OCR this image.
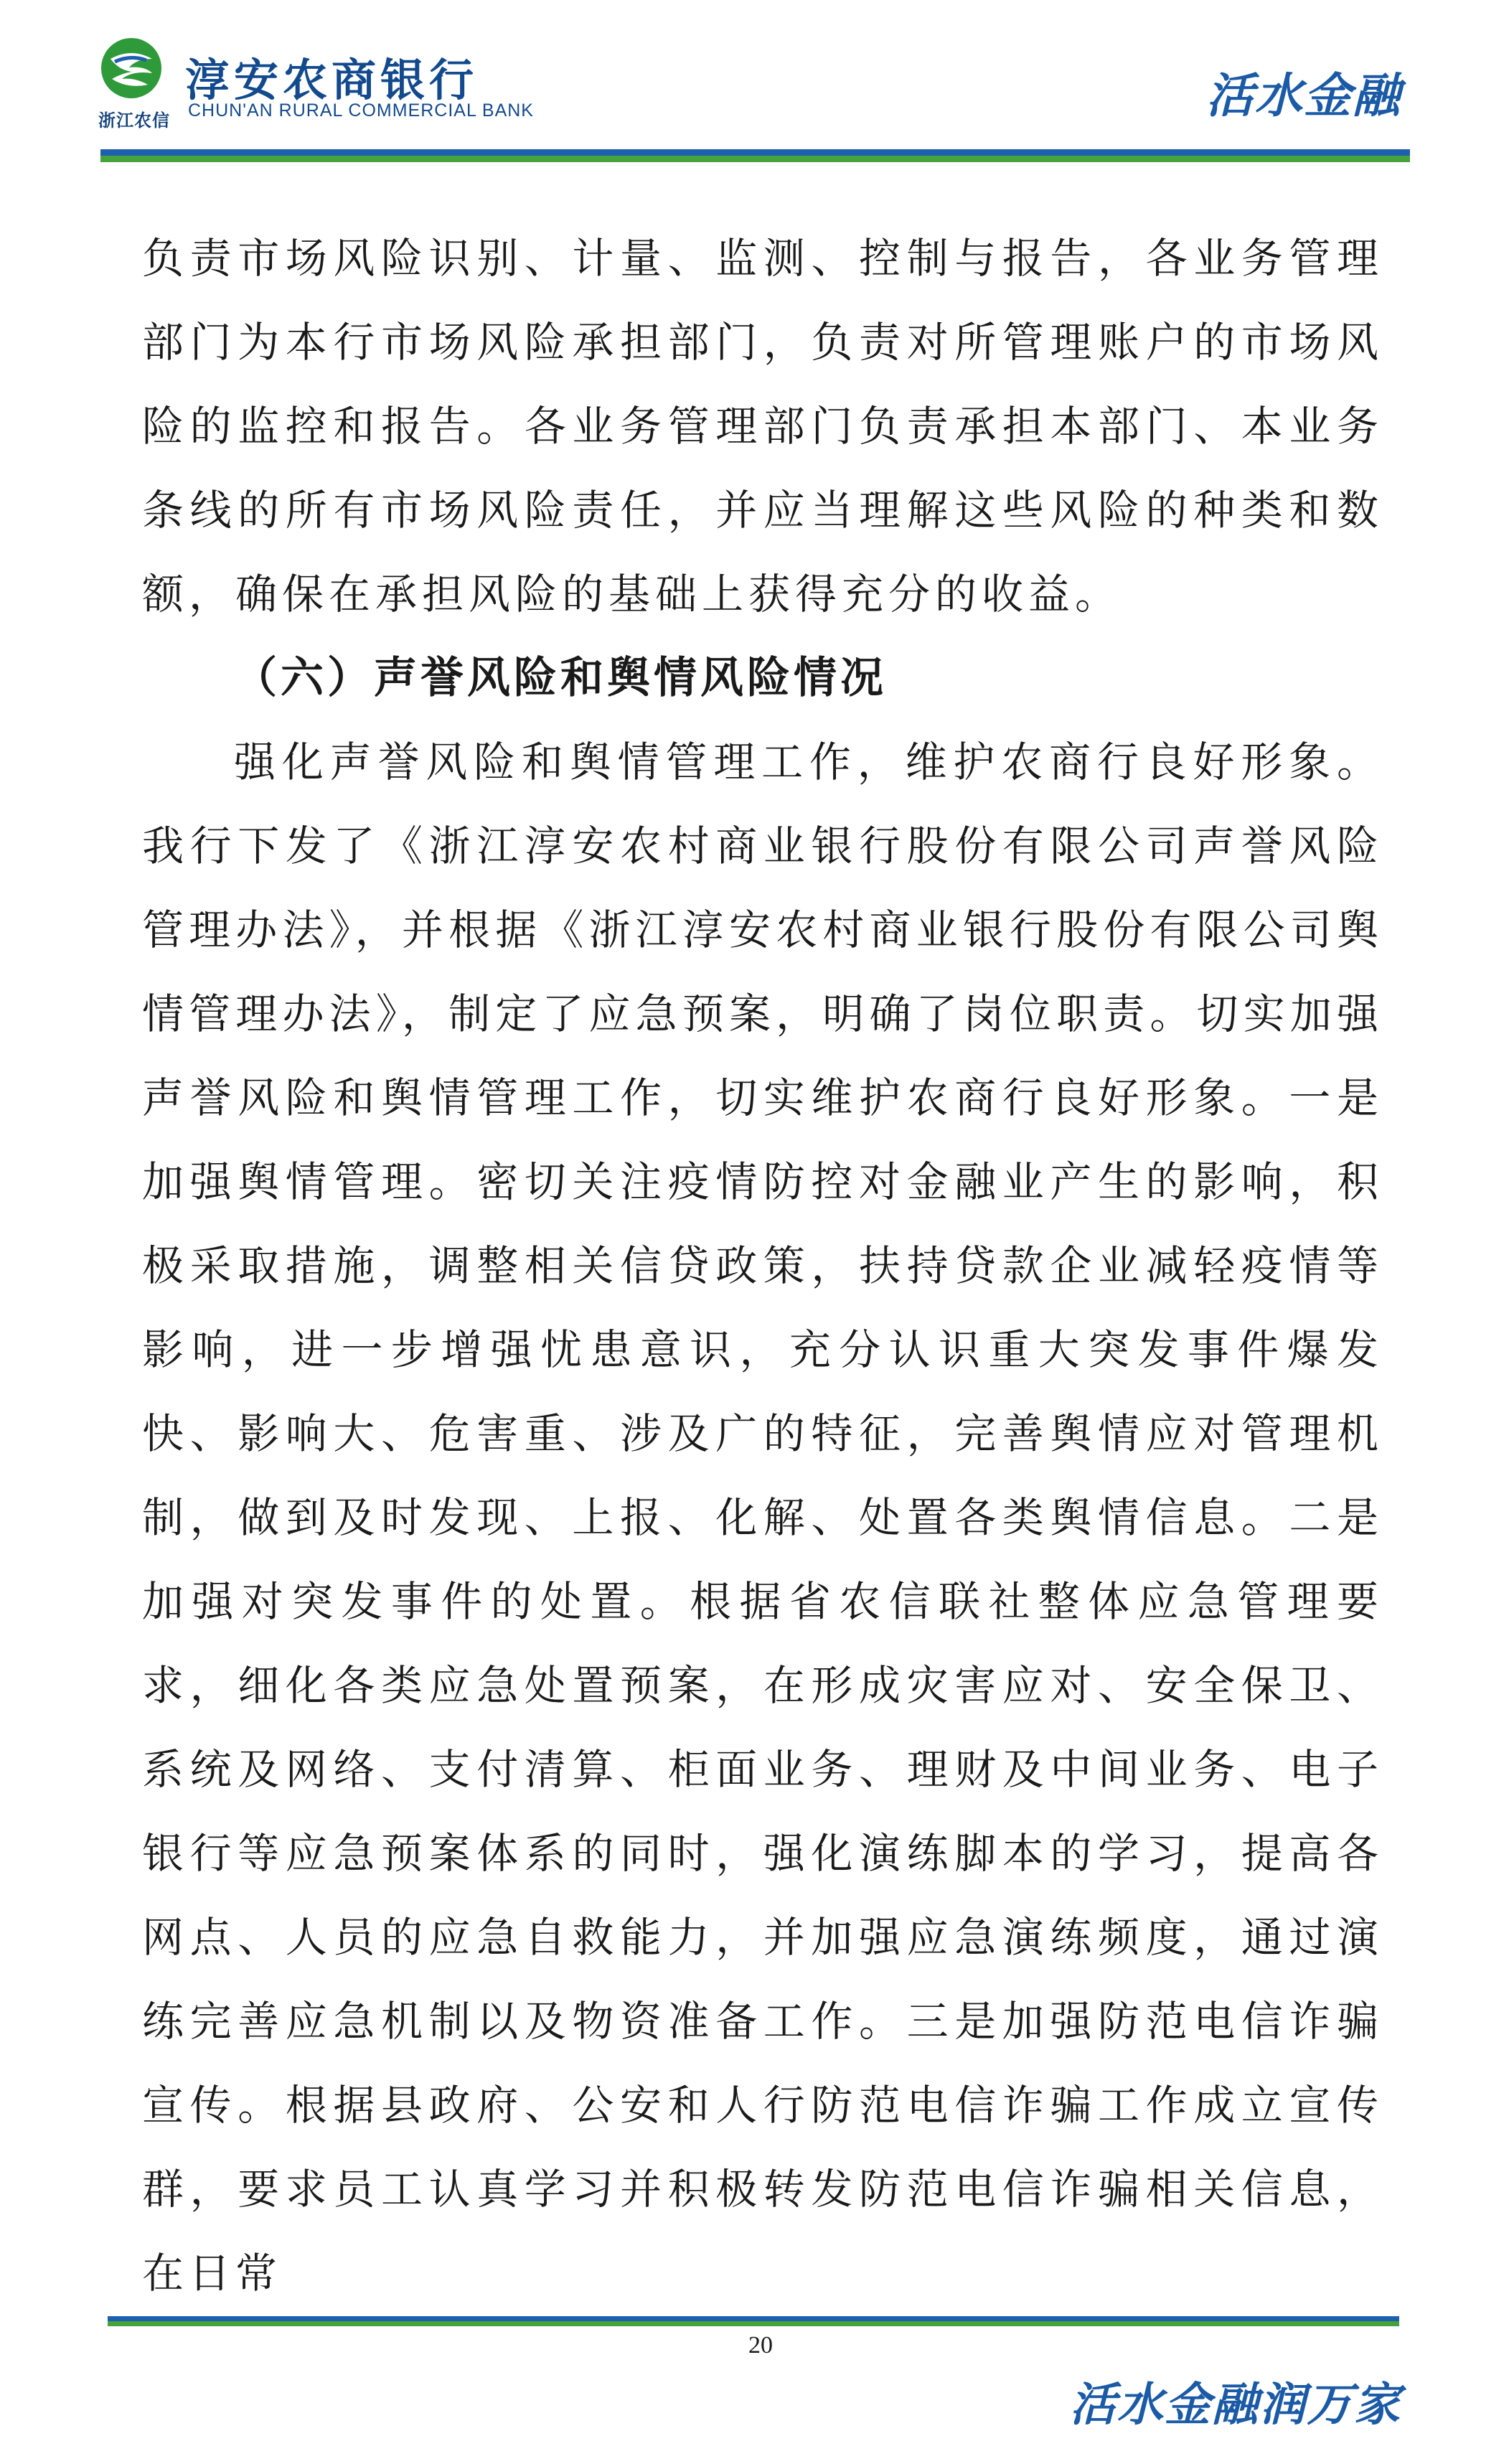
浙江农信
淳安农商银行
CHUN'AN RURAL COMMERCIAL BANK	活水金融

负责市场风险识别、计量、监测、控制与报告，各业务管理部门为本行市场风险承担部门，负责对所管理账户的市场风险的监控和报告。各业务管理部门负责承担本部门、本业务条线的所有市场风险责任，并应当理解这些风险的种类和数额，确保在承担风险的基础上获得充分的收益。

（六）声誉风险和舆情风险情况

强化声誉风险和舆情管理工作，维护农商行良好形象。我行下发了《浙江淳安农村商业银行股份有限公司声誉风险管理办法》，并根据《浙江淳安农村商业银行股份有限公司舆情管理办法》，制定了应急预案，明确了岗位职责。切实加强声誉风险和舆情管理工作，切实维护农商行良好形象。一是加强舆情管理。密切关注疫情防控对金融业产生的影响，积极采取措施，调整相关信贷政策，扶持贷款企业减轻疫情等影响，进一步增强忧患意识，充分认识重大突发事件爆发快、影响大、危害重、涉及广的特征，完善舆情应对管理机制，做到及时发现、上报、化解、处置各类舆情信息。二是加强对突发事件的处置。根据省农信联社整体应急管理要求，细化各类应急处置预案，在形成灾害应对、安全保卫、系统及网络、支付清算、柜面业务、理财及中间业务、电子银行等应急预案体系的同时，强化演练脚本的学习，提高各网点、人员的应急自救能力，并加强应急演练频度，通过演练完善应急机制以及物资准备工作。三是加强防范电信诈骗宣传。根据县政府、公安和人行防范电信诈骗工作成立宣传群，要求员工认真学习并积极转发防范电信诈骗相关信息，在日常

20
活水金融润万家
